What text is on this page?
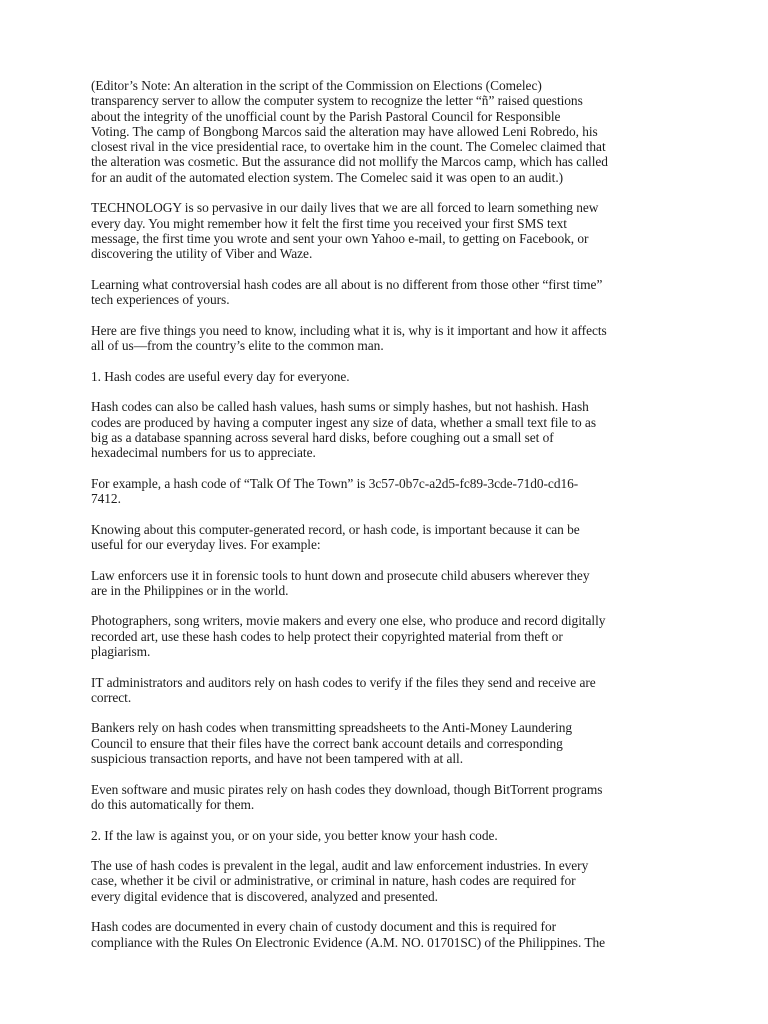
(Editor’s Note: An alteration in the script of the Commission on Elections (Comelec)
transparency server to allow the computer system to recognize the letter “ñ” raised questions
about the integrity of the unofficial count by the Parish Pastoral Council for Responsible
Voting. The camp of Bongbong Marcos said the alteration may have allowed Leni Robredo, his
closest rival in the vice presidential race, to overtake him in the count. The Comelec claimed that
the alteration was cosmetic. But the assurance did not mollify the Marcos camp, which has called
for an audit of the automated election system. The Comelec said it was open to an audit.)
TECHNOLOGY is so pervasive in our daily lives that we are all forced to learn something new
every day. You might remember how it felt the first time you received your first SMS text
message, the first time you wrote and sent your own Yahoo e-mail, to getting on Facebook, or
discovering the utility of Viber and Waze.
Learning what controversial hash codes are all about is no different from those other “first time”
tech experiences of yours.
Here are five things you need to know, including what it is, why is it important and how it affects
all of us—from the country’s elite to the common man.
1. Hash codes are useful every day for everyone.
Hash codes can also be called hash values, hash sums or simply hashes, but not hashish. Hash
codes are produced by having a computer ingest any size of data, whether a small text file to as
big as a database spanning across several hard disks, before coughing out a small set of
hexadecimal numbers for us to appreciate.
For example, a hash code of “Talk Of The Town” is 3c57-0b7c-a2d5-fc89-3cde-71d0-cd16-
7412.
Knowing about this computer-generated record, or hash code, is important because it can be
useful for our everyday lives. For example:
Law enforcers use it in forensic tools to hunt down and prosecute child abusers wherever they
are in the Philippines or in the world.
Photographers, song writers, movie makers and every one else, who produce and record digitally
recorded art, use these hash codes to help protect their copyrighted material from theft or
plagiarism.
IT administrators and auditors rely on hash codes to verify if the files they send and receive are
correct.
Bankers rely on hash codes when transmitting spreadsheets to the Anti-Money Laundering
Council to ensure that their files have the correct bank account details and corresponding
suspicious transaction reports, and have not been tampered with at all.
Even software and music pirates rely on hash codes they download, though BitTorrent programs
do this automatically for them.
2. If the law is against you, or on your side, you better know your hash code.
The use of hash codes is prevalent in the legal, audit and law enforcement industries. In every
case, whether it be civil or administrative, or criminal in nature, hash codes are required for
every digital evidence that is discovered, analyzed and presented.
Hash codes are documented in every chain of custody document and this is required for
compliance with the Rules On Electronic Evidence (A.M. NO. 01701SC) of the Philippines. The
